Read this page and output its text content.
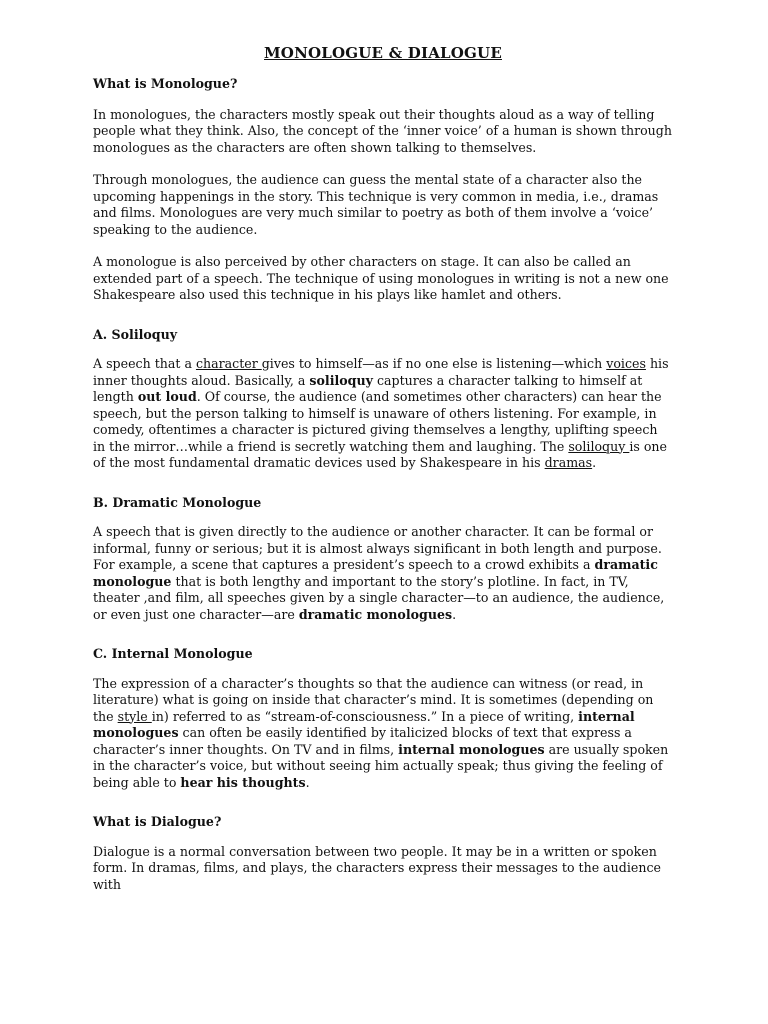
MONOLOGUE & DIALOGUE

What is Monologue?

In monologues, the characters mostly speak out their thoughts aloud as a way of telling people what they think. Also, the concept of the ‘inner voice’ of a human is shown through monologues as the characters are often shown talking to themselves.

Through monologues, the audience can guess the mental state of a character also the upcoming happenings in the story. This technique is very common in media, i.e., dramas and films. Monologues are very much similar to poetry as both of them involve a ‘voice’ speaking to the audience.

A monologue is also perceived by other characters on stage. It can also be called an extended part of a speech. The technique of using monologues in writing is not a new one Shakespeare also used this technique in his plays like hamlet and others.

A. Soliloquy

A speech that a character gives to himself—as if no one else is listening—which voices his inner thoughts aloud. Basically, a soliloquy captures a character talking to himself at length out loud. Of course, the audience (and sometimes other characters) can hear the speech, but the person talking to himself is unaware of others listening. For example, in comedy, oftentimes a character is pictured giving themselves a lengthy, uplifting speech in the mirror…while a friend is secretly watching them and laughing. The soliloquy is one of the most fundamental dramatic devices used by Shakespeare in his dramas.

B. Dramatic Monologue

A speech that is given directly to the audience or another character. It can be formal or informal, funny or serious; but it is almost always significant in both length and purpose. For example, a scene that captures a president’s speech to a crowd exhibits a dramatic monologue that is both lengthy and important to the story’s plotline. In fact, in TV, theater ,and film, all speeches given by a single character—to an audience, the audience, or even just one character—are dramatic monologues.

C. Internal Monologue

The expression of a character’s thoughts so that the audience can witness (or read, in literature) what is going on inside that character’s mind. It is sometimes (depending on the style in) referred to as “stream-of-consciousness.” In a piece of writing, internal monologues can often be easily identified by italicized blocks of text that express a character’s inner thoughts. On TV and in films, internal monologues are usually spoken in the character’s voice, but without seeing him actually speak; thus giving the feeling of being able to hear his thoughts.

What is Dialogue?

Dialogue is a normal conversation between two people. It may be in a written or spoken form. In dramas, films, and plays, the characters express their messages to the audience with
